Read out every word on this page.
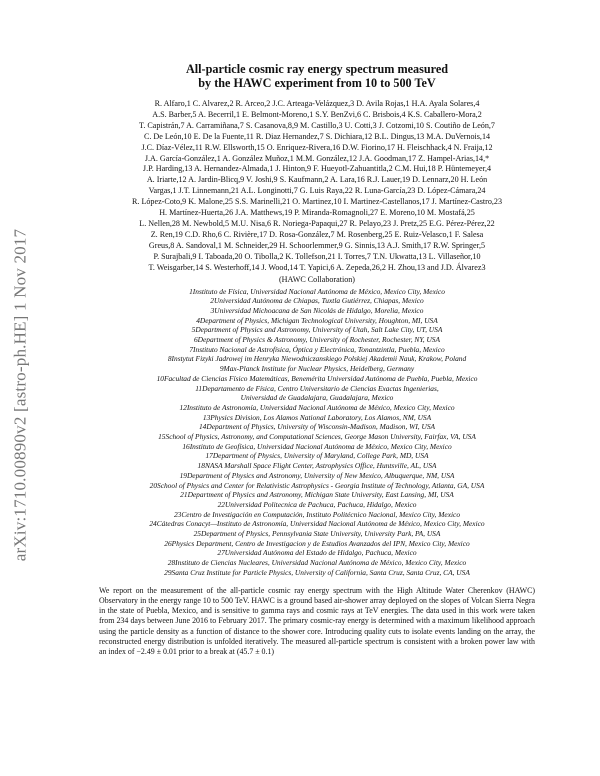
arXiv:1710.00890v2 [astro-ph.HE] 1 Nov 2017
All-particle cosmic ray energy spectrum measured
by the HAWC experiment from 10 to 500 TeV
R. Alfaro,1 C. Alvarez,2 R. Arceo,2 J.C. Arteaga-Velázquez,3 D. Avila Rojas,1 H.A. Ayala Solares,4
A.S. Barber,5 A. Becerril,1 E. Belmont-Moreno,1 S.Y. BenZvi,6 C. Brisbois,4 K.S. Caballero-Mora,2
T. Capistrán,7 A. Carramiñana,7 S. Casanova,8,9 M. Castillo,3 U. Cotti,3 J. Cotzomi,10 S. Coutiño de León,7
C. De León,10 E. De la Fuente,11 R. Diaz Hernandez,7 S. Dichiara,12 B.L. Dingus,13 M.A. DuVernois,14
J.C. Díaz-Vélez,11 R.W. Ellsworth,15 O. Enriquez-Rivera,16 D.W. Fiorino,17 H. Fleischhack,4 N. Fraija,12
J.A. García-González,1 A. González Muñoz,1 M.M. González,12 J.A. Goodman,17 Z. Hampel-Arias,14,*
J.P. Harding,13 A. Hernandez-Almada,1 J. Hinton,9 F. Hueyotl-Zahuantitla,2 C.M. Hui,18 P. Hüntemeyer,4
A. Iriarte,12 A. Jardin-Blicq,9 V. Joshi,9 S. Kaufmann,2 A. Lara,16 R.J. Lauer,19 D. Lennarz,20 H. León
Vargas,1 J.T. Linnemann,21 A.L. Longinotti,7 G. Luis Raya,22 R. Luna-García,23 D. López-Cámara,24
R. López-Coto,9 K. Malone,25 S.S. Marinelli,21 O. Martinez,10 I. Martinez-Castellanos,17 J. Martínez-Castro,23
H. Martínez-Huerta,26 J.A. Matthews,19 P. Miranda-Romagnoli,27 E. Moreno,10 M. Mostafá,25
L. Nellen,28 M. Newbold,5 M.U. Nisa,6 R. Noriega-Papaqui,27 R. Pelayo,23 J. Pretz,25 E.G. Pérez-Pérez,22
Z. Ren,19 C.D. Rho,6 C. Rivière,17 D. Rosa-González,7 M. Rosenberg,25 E. Ruiz-Velasco,1 F. Salesa
Greus,8 A. Sandoval,1 M. Schneider,29 H. Schoorlemmer,9 G. Sinnis,13 A.J. Smith,17 R.W. Springer,5
P. Surajbali,9 I. Taboada,20 O. Tibolla,2 K. Tollefson,21 I. Torres,7 T.N. Ukwatta,13 L. Villaseñor,10
T. Weisgarber,14 S. Westerhoff,14 J. Wood,14 T. Yapici,6 A. Zepeda,26,2 H. Zhou,13 and J.D. Álvarez3
(HAWC Collaboration)
1Instituto de Física, Universidad Nacional Autónoma de México, Mexico City, Mexico
2Universidad Autónoma de Chiapas, Tuxtla Gutiérrez, Chiapas, Mexico
3Universidad Michoacana de San Nicolás de Hidalgo, Morelia, Mexico
4Department of Physics, Michigan Technological University, Houghton, MI, USA
5Department of Physics and Astronomy, University of Utah, Salt Lake City, UT, USA
6Department of Physics & Astronomy, University of Rochester, Rochester, NY, USA
7Instituto Nacional de Astrofísica, Óptica y Electrónica, Tonantzintla, Puebla, Mexico
8Instytut Fizyki Jadrowej im Henryka Niewodniczanskiego Polskiej Akademii Nauk, Krakow, Poland
9Max-Planck Institute for Nuclear Physics, Heidelberg, Germany
10Facultad de Ciencias Físico Matemáticas, Benemérita Universidad Autónoma de Puebla, Puebla, Mexico
11Departamento de Física, Centro Universitario de Ciencias Exactas Ingenierias,
Universidad de Guadalajara, Guadalajara, Mexico
12Instituto de Astronomía, Universidad Nacional Autónoma de México, Mexico City, Mexico
13Physics Division, Los Alamos National Laboratory, Los Alamos, NM, USA
14Department of Physics, University of Wisconsin-Madison, Madison, WI, USA
15School of Physics, Astronomy, and Computational Sciences, George Mason University, Fairfax, VA, USA
16Instituto de Geofísica, Universidad Nacional Autónoma de México, Mexico City, Mexico
17Department of Physics, University of Maryland, College Park, MD, USA
18NASA Marshall Space Flight Center, Astrophysics Office, Huntsville, AL, USA
19Department of Physics and Astronomy, University of New Mexico, Albuquerque, NM, USA
20School of Physics and Center for Relativistic Astrophysics - Georgia Institute of Technology, Atlanta, GA, USA
21Department of Physics and Astronomy, Michigan State University, East Lansing, MI, USA
22Universidad Politecnica de Pachuca, Pachuca, Hidalgo, Mexico
23Centro de Investigación en Computación, Instituto Politécnico Nacional, Mexico City, Mexico
24Cátedras Conacyt—Instituto de Astronomía, Universidad Nacional Autónoma de México, Mexico City, Mexico
25Department of Physics, Pennsylvania State University, University Park, PA, USA
26Physics Department, Centro de Investigacion y de Estudios Avanzados del IPN, Mexico City, Mexico
27Universidad Autónoma del Estado de Hidalgo, Pachuca, Mexico
28Instituto de Ciencias Nucleares, Universidad Nacional Autónoma de México, Mexico City, Mexico
29Santa Cruz Institute for Particle Physics, University of California, Santa Cruz, Santa Cruz, CA, USA
We report on the measurement of the all-particle cosmic ray energy spectrum with the High Altitude Water Cherenkov (HAWC) Observatory in the energy range 10 to 500 TeV. HAWC is a ground based air-shower array deployed on the slopes of Volcan Sierra Negra in the state of Puebla, Mexico, and is sensitive to gamma rays and cosmic rays at TeV energies. The data used in this work were taken from 234 days between June 2016 to February 2017. The primary cosmic-ray energy is determined with a maximum likelihood approach using the particle density as a function of distance to the shower core. Introducing quality cuts to isolate events landing on the array, the reconstructed energy distribution is unfolded iteratively. The measured all-particle spectrum is consistent with a broken power law with an index of −2.49 ± 0.01 prior to a break at (45.7 ± 0.1)
